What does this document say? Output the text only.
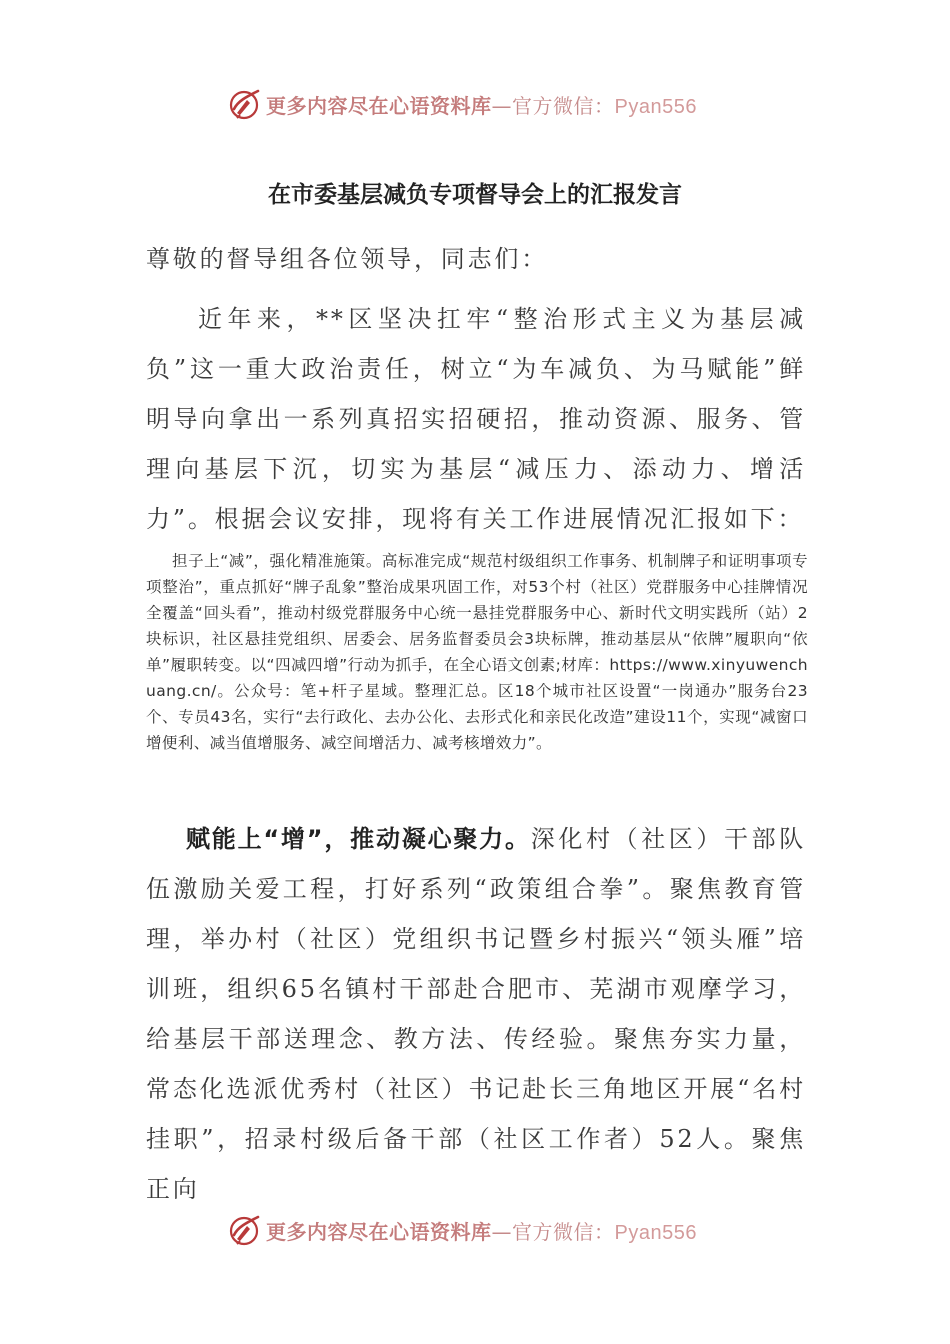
更多内容尽在心语资料库—官方微信：Pyan556
在市委基层减负专项督导会上的汇报发言
尊敬的督导组各位领导，同志们：
近年来，**区坚决扛牢“整治形式主义为基层减负”这一重大政治责任，树立“为车减负、为马赋能”鲜明导向拿出一系列真招实招硬招，推动资源、服务、管理向基层下沉，切实为基层“减压力、添动力、增活力”。根据会议安排，现将有关工作进展情况汇报如下：
担子上“减”，强化精准施策。高标准完成“规范村级组织工作事务、机制牌子和证明事项专项整治”，重点抓好“牌子乱象”整治成果巩固工作，对53个村（社区）党群服务中心挂牌情况全覆盖“回头看”，推动村级党群服务中心统一悬挂党群服务中心、新时代文明实践所（站）2块标识，社区悬挂党组织、居委会、居务监督委员会3块标牌，推动基层从“依牌”履职向“依单”履职转变。以“四减四增”行动为抓手，在全心语文创素;材库：https://www.xinyuwenchuang.cn/。公众号：笔+杆子星域。整理汇总。区18个城市社区设置“一岗通办”服务台23个、专员43名，实行“去行政化、去办公化、去形式化和亲民化改造”建设11个，实现“减窗口增便利、减当值增服务、减空间增活力、减考核增效力”。
赋能上“增”，推动凝心聚力。深化村（社区）干部队伍激励关爱工程，打好系列“政策组合拳”。聚焦教育管理，举办村（社区）党组织书记暨乡村振兴“领头雁”培训班，组织65名镇村干部赴合肥市、芜湖市观摩学习，给基层干部送理念、教方法、传经验。聚焦夯实力量，常态化选派优秀村（社区）书记赴长三角地区开展“名村挂职”，招录村级后备干部（社区工作者）52人。聚焦正向
更多内容尽在心语资料库—官方微信：Pyan556
